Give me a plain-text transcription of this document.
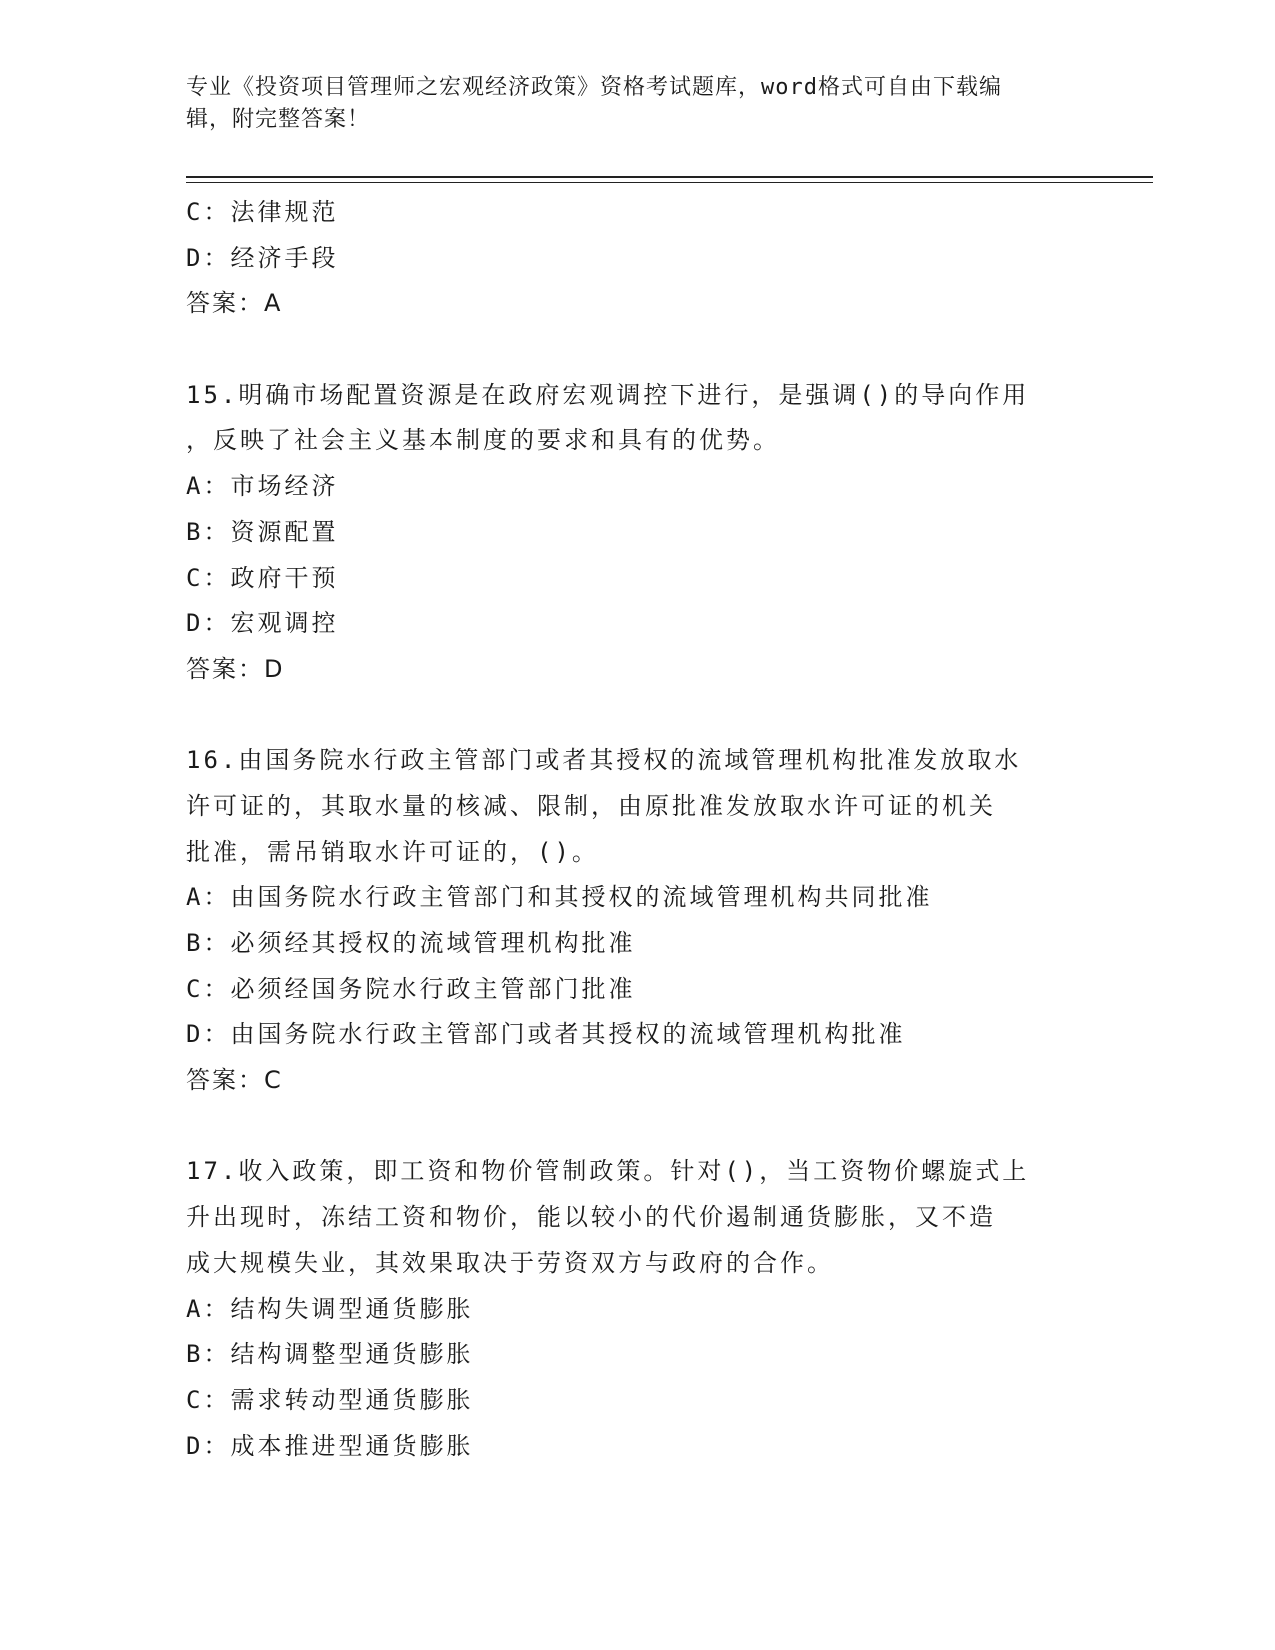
专业《投资项目管理师之宏观经济政策》资格考试题库，word格式可自由下载编
辑，附完整答案！
C：法律规范
D：经济手段
答案：A
15.明确市场配置资源是在政府宏观调控下进行，是强调()的导向作用
，反映了社会主义基本制度的要求和具有的优势。
A：市场经济
B：资源配置
C：政府干预
D：宏观调控
答案：D
16.由国务院水行政主管部门或者其授权的流域管理机构批准发放取水
许可证的，其取水量的核减、限制，由原批准发放取水许可证的机关
批准，需吊销取水许可证的，()。
A：由国务院水行政主管部门和其授权的流域管理机构共同批准
B：必须经其授权的流域管理机构批准
C：必须经国务院水行政主管部门批准
D：由国务院水行政主管部门或者其授权的流域管理机构批准
答案：C
17.收入政策，即工资和物价管制政策。针对()，当工资物价螺旋式上
升出现时，冻结工资和物价，能以较小的代价遏制通货膨胀，又不造
成大规模失业，其效果取决于劳资双方与政府的合作。
A：结构失调型通货膨胀
B：结构调整型通货膨胀
C：需求转动型通货膨胀
D：成本推进型通货膨胀
